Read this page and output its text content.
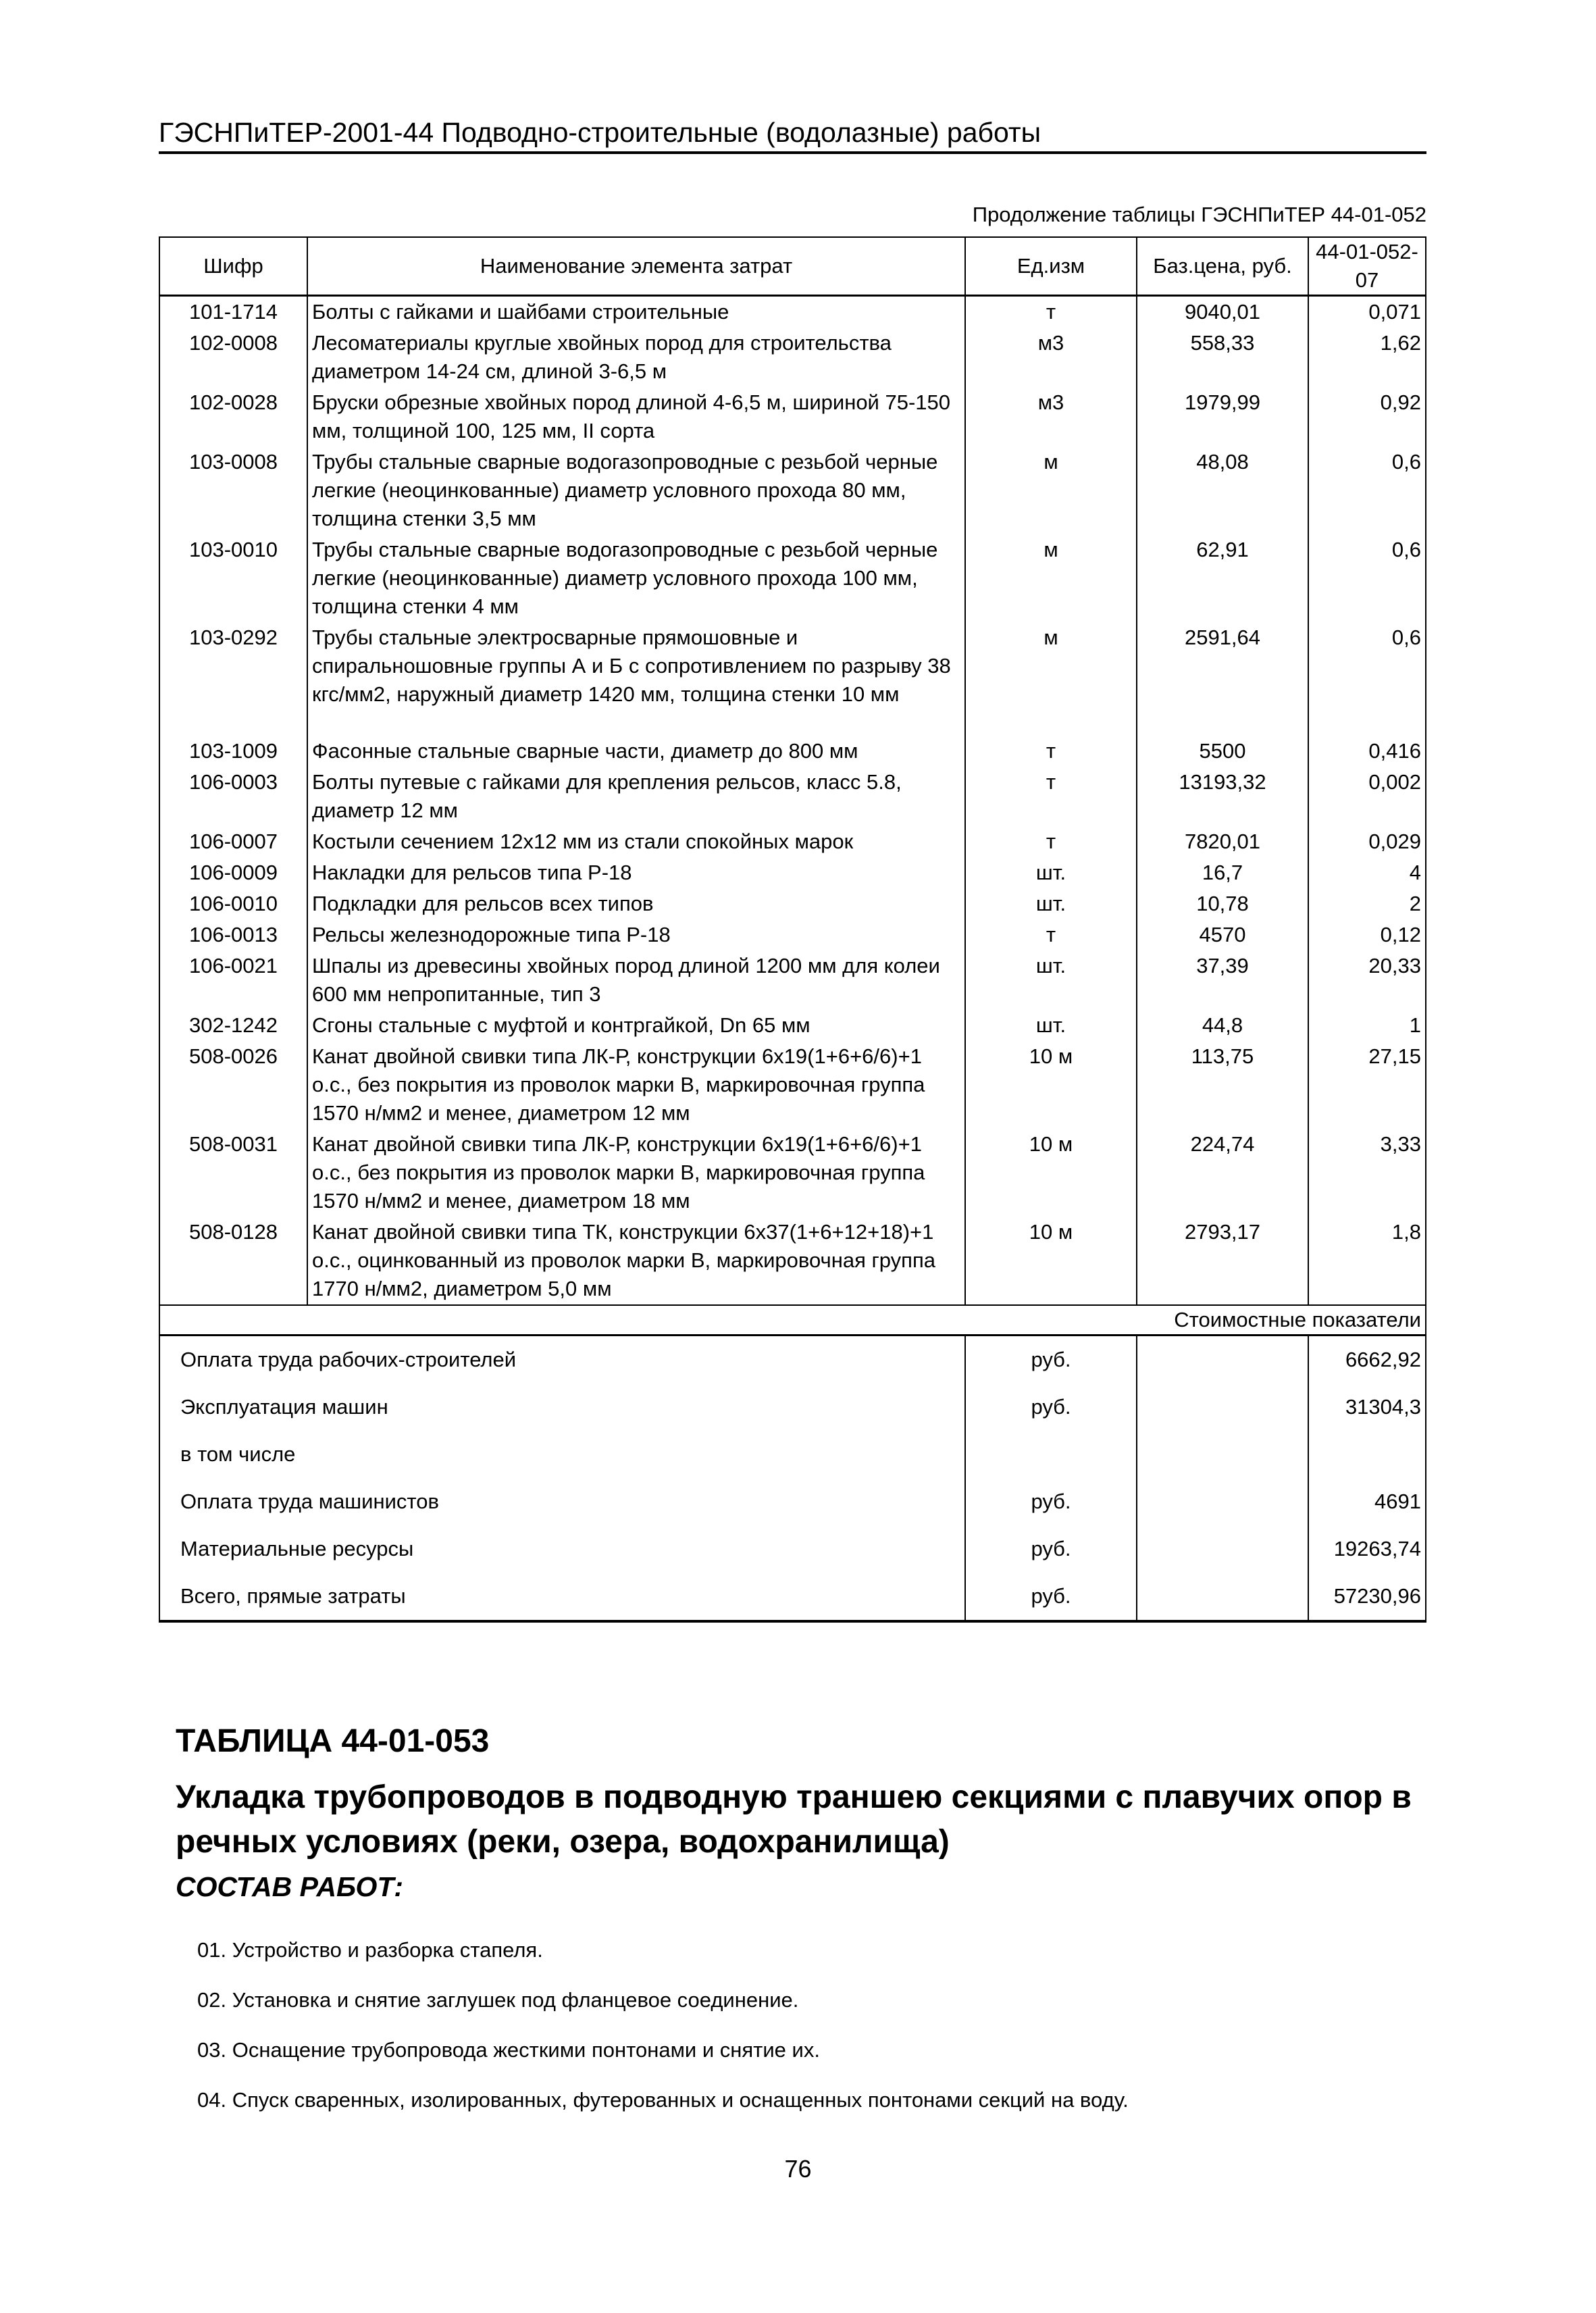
ГЭСНПиТЕР-2001-44 Подводно-строительные (водолазные) работы
Продолжение таблицы ГЭСНПиТЕР 44-01-052
Шифр	Наименование элемента затрат	Ед.изм	Баз.цена, руб.	44-01-052-07
101-1714	Болты с гайками и шайбами строительные	т	9040,01	0,071
102-0008	Лесоматериалы круглые хвойных пород для строительства диаметром 14-24 см, длиной 3-6,5 м	м3	558,33	1,62
102-0028	Бруски обрезные хвойных пород длиной 4-6,5 м, шириной 75-150 мм, толщиной 100, 125 мм, II сорта	м3	1979,99	0,92
103-0008	Трубы стальные сварные водогазопроводные с резьбой черные легкие (неоцинкованные) диаметр условного прохода 80 мм, толщина стенки 3,5 мм	м	48,08	0,6
103-0010	Трубы стальные сварные водогазопроводные с резьбой черные легкие (неоцинкованные) диаметр условного прохода 100 мм, толщина стенки 4 мм	м	62,91	0,6
103-0292	Трубы стальные электросварные прямошовные и спиральношовные группы А и Б с сопротивлением по разрыву 38 кгс/мм2, наружный диаметр 1420 мм, толщина стенки 10 мм	м	2591,64	0,6

103-1009	Фасонные стальные сварные части, диаметр до 800 мм	т	5500	0,416
106-0003	Болты путевые с гайками для крепления рельсов, класс 5.8, диаметр 12 мм	т	13193,32	0,002
106-0007	Костыли сечением 12x12 мм из стали спокойных марок	т	7820,01	0,029
106-0009	Накладки для рельсов типа Р-18	шт.	16,7	4
106-0010	Подкладки для рельсов всех типов	шт.	10,78	2
106-0013	Рельсы железнодорожные типа Р-18	т	4570	0,12
106-0021	Шпалы из древесины хвойных пород длиной 1200 мм для колеи 600 мм непропитанные, тип 3	шт.	37,39	20,33
302-1242	Сгоны стальные с муфтой и контргайкой, Dn 65 мм	шт.	44,8	1
508-0026	Канат двойной свивки типа ЛК-Р, конструкции 6x19(1+6+6/6)+1 о.с., без покрытия из проволок марки В, маркировочная группа 1570 н/мм2 и менее, диаметром 12 мм	10 м	113,75	27,15
508-0031	Канат двойной свивки типа ЛК-Р, конструкции 6x19(1+6+6/6)+1 о.с., без покрытия из проволок марки В, маркировочная группа 1570 н/мм2 и менее, диаметром 18 мм	10 м	224,74	3,33
508-0128	Канат двойной свивки типа ТК, конструкции 6x37(1+6+12+18)+1 о.с., оцинкованный из проволок марки В, маркировочная группа 1770 н/мм2, диаметром 5,0 мм	10 м	2793,17	1,8
Стоимостные показатели				
Оплата труда рабочих-строителей		руб.		6662,92
Эксплуатация машин		руб.		31304,3
в том числе				
Оплата труда машинистов		руб.		4691
Материальные ресурсы		руб.		19263,74
Всего, прямые затраты		руб.		57230,96
ТАБЛИЦА 44-01-053
Укладка трубопроводов в подводную траншею секциями с плавучих опор в речных условиях (реки, озера, водохранилища)
СОСТАВ РАБОТ:
01. Устройство и разборка стапеля.
02. Установка и снятие заглушек под фланцевое соединение.
03. Оснащение трубопровода жесткими понтонами и снятие их.
04. Спуск сваренных, изолированных, футерованных и оснащенных понтонами секций на воду.
76
